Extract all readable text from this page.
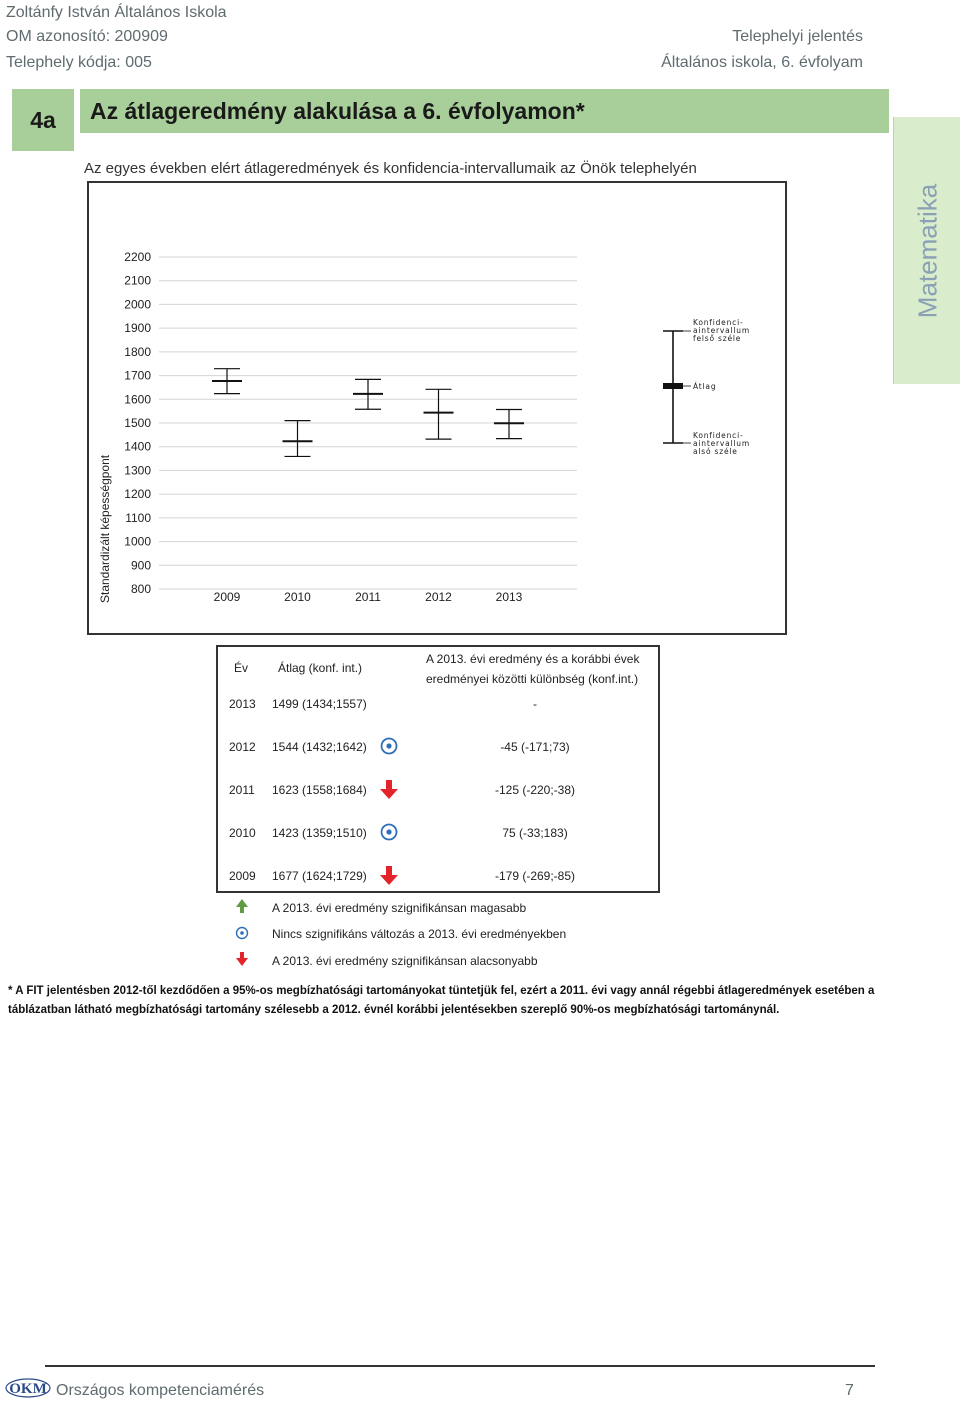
Zoltánfy István Általános Iskola
OM azonosító: 200909
Telephely kódja: 005
Telephelyi jelentés
Általános iskola, 6. évfolyam
4a	Az átlageredmény alakulása a 6. évfolyamon*
Matematika
Az egyes években elért átlageredmények és konfidencia-intervallumaik az Önök telephelyén
2200
2100
2000
1900
1800
1700
1600
1500
1400
1300
1200
1100
1000
900
800
2009	2010	2011	2012	2013
Standardizált képességpont
Konfidenci-
aintervallum
felső széle
Átlag
Konfidenci-
aintervallum
alsó széle
Év Átlag (konf. int.)
A 2013. évi eredmény és a korábbi évek
eredményei közötti különbség (konf.int.)
2013 1499 (1434;1557)	-
2012 1544 (1432;1642)	-45 (-171;73)
2011 1623 (1558;1684)	-125 (-220;-38)
2010 1423 (1359;1510)	75 (-33;183)
2009 1677 (1624;1729)	-179 (-269;-85)
A 2013. évi eredmény szignifikánsan magasabb
Nincs szignifikáns változás a 2013. évi eredményekben
A 2013. évi eredmény szignifikánsan alacsonyabb
* A FIT jelentésben 2012-től kezdődően a 95%-os megbízhatósági tartományokat tüntetjük fel, ezért a 2011. évi vagy annál régebbi átlageredmények esetében a táblázatban látható megbízhatósági tartomány szélesebb a 2012. évnél korábbi jelentésekben szereplő 90%-os megbízhatósági tartománynál.
OKM Országos kompetenciamérés	7
